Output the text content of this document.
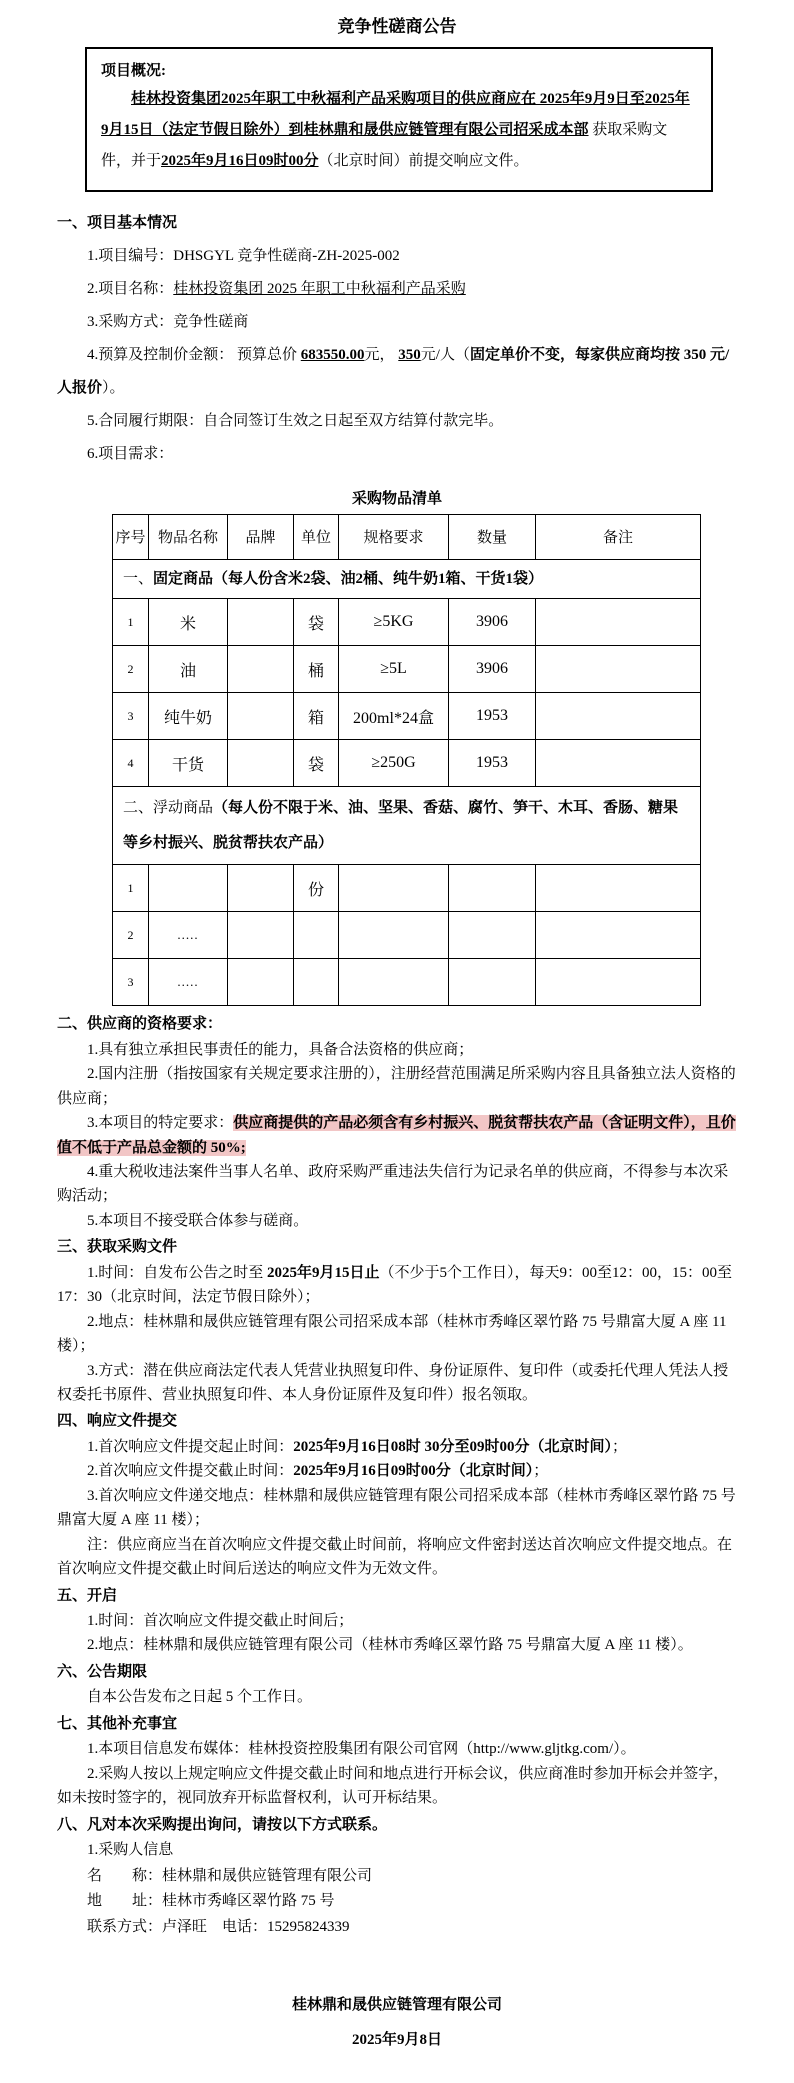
竞争性磋商公告
项目概况:

桂林投资集团2025年职工中秋福利产品采购项目的供应商应在 2025年9月9日至2025年9月15日（法定节假日除外）到桂林鼎和晟供应链管理有限公司招采成本部 获取采购文件，并于2025年9月16日09时00分（北京时间）前提交响应文件。

一、项目基本情况

1.项目编号：DHSGYL 竞争性磋商-ZH-2025-002

2.项目名称：桂林投资集团 2025 年职工中秋福利产品采购

3.采购方式：竞争性磋商

4.预算及控制价金额： 预算总价 683550.00元， 350元/人（固定单价不变，每家供应商均按 350 元/人报价）。

5.合同履行期限：自合同签订生效之日起至双方结算付款完毕。

6.项目需求：

采购物品清单
序号	物品名称	品牌	单位	规格要求	数量	备注
一、固定商品（每人份含米2袋、油2桶、纯牛奶1箱、干货1袋）						
1	米		袋	≥5KG	3906	
2	油		桶	≥5L	3906	
3	纯牛奶		箱	200ml*24盒	1953	
4	干货		袋	≥250G	1953	
二、浮动商品（每人份不限于米、油、坚果、香菇、腐竹、笋干、木耳、香肠、糖果等乡村振兴、脱贫帮扶农产品）						
1			份			
2	.....					
3	.....					
二、供应商的资格要求：

1.具有独立承担民事责任的能力，具备合法资格的供应商；

2.国内注册（指按国家有关规定要求注册的），注册经营范围满足所采购内容且具备独立法人资格的供应商；

3.本项目的特定要求：供应商提供的产品必须含有乡村振兴、脱贫帮扶农产品（含证明文件），且价值不低于产品总金额的 50%;

4.重大税收违法案件当事人名单、政府采购严重违法失信行为记录名单的供应商，不得参与本次采购活动；

5.本项目不接受联合体参与磋商。

三、获取采购文件

1.时间：自发布公告之时至 2025年9月15日止（不少于5个工作日），每天9：00至12：00，15：00至17：30（北京时间，法定节假日除外）；

2.地点：桂林鼎和晟供应链管理有限公司招采成本部（桂林市秀峰区翠竹路 75 号鼎富大厦 A 座 11 楼）；

3.方式：潜在供应商法定代表人凭营业执照复印件、身份证原件、复印件（或委托代理人凭法人授权委托书原件、营业执照复印件、本人身份证原件及复印件）报名领取。

四、响应文件提交

1.首次响应文件提交起止时间：2025年9月16日08时 30分至09时00分（北京时间）；

2.首次响应文件提交截止时间：2025年9月16日09时00分（北京时间）；

3.首次响应文件递交地点：桂林鼎和晟供应链管理有限公司招采成本部（桂林市秀峰区翠竹路 75 号鼎富大厦 A 座 11 楼）；

注：供应商应当在首次响应文件提交截止时间前，将响应文件密封送达首次响应文件提交地点。在首次响应文件提交截止时间后送达的响应文件为无效文件。

五、开启

1.时间：首次响应文件提交截止时间后；

2.地点：桂林鼎和晟供应链管理有限公司（桂林市秀峰区翠竹路 75 号鼎富大厦 A 座 11 楼）。

六、公告期限

自本公告发布之日起 5 个工作日。

七、其他补充事宜

1.本项目信息发布媒体：桂林投资控股集团有限公司官网（http://www.gljtkg.com/）。

2.采购人按以上规定响应文件提交截止时间和地点进行开标会议，供应商准时参加开标会并签字，如未按时签字的，视同放弃开标监督权利，认可开标结果。

八、凡对本次采购提出询问，请按以下方式联系。

1.采购人信息

名　　称：桂林鼎和晟供应链管理有限公司

地　　址：桂林市秀峰区翠竹路 75 号

联系方式：卢泽旺　电话：15295824339

桂林鼎和晟供应链管理有限公司
2025年9月8日
